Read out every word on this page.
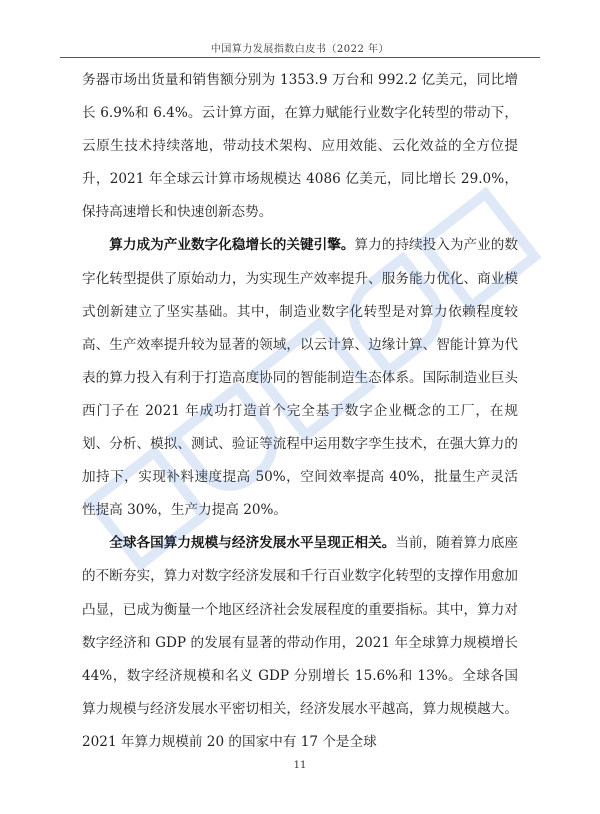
中国算力发展指数白皮书（2022 年）

务器市场出货量和销售额分别为 1353.9 万台和 992.2 亿美元，同比增长 6.9%和 6.4%。云计算方面，在算力赋能行业数字化转型的带动下，云原生技术持续落地，带动技术架构、应用效能、云化效益的全方位提升，2021 年全球云计算市场规模达 4086 亿美元，同比增长 29.0%，保持高速增长和快速创新态势。

算力成为产业数字化稳增长的关键引擎。算力的持续投入为产业的数字化转型提供了原始动力，为实现生产效率提升、服务能力优化、商业模式创新建立了坚实基础。其中，制造业数字化转型是对算力依赖程度较高、生产效率提升较为显著的领域，以云计算、边缘计算、智能计算为代表的算力投入有利于打造高度协同的智能制造生态体系。国际制造业巨头西门子在 2021 年成功打造首个完全基于数字企业概念的工厂，在规划、分析、模拟、测试、验证等流程中运用数字孪生技术，在强大算力的加持下，实现补料速度提高 50%，空间效率提高 40%，批量生产灵活性提高 30%，生产力提高 20%。

全球各国算力规模与经济发展水平呈现正相关。当前，随着算力底座的不断夯实，算力对数字经济发展和千行百业数字化转型的支撑作用愈加凸显，已成为衡量一个地区经济社会发展程度的重要指标。其中，算力对数字经济和 GDP 的发展有显著的带动作用，2021 年全球算力规模增长 44%，数字经济规模和名义 GDP 分别增长 15.6%和 13%。全球各国算力规模与经济发展水平密切相关，经济发展水平越高，算力规模越大。2021 年算力规模前 20 的国家中有 17 个是全球

11
